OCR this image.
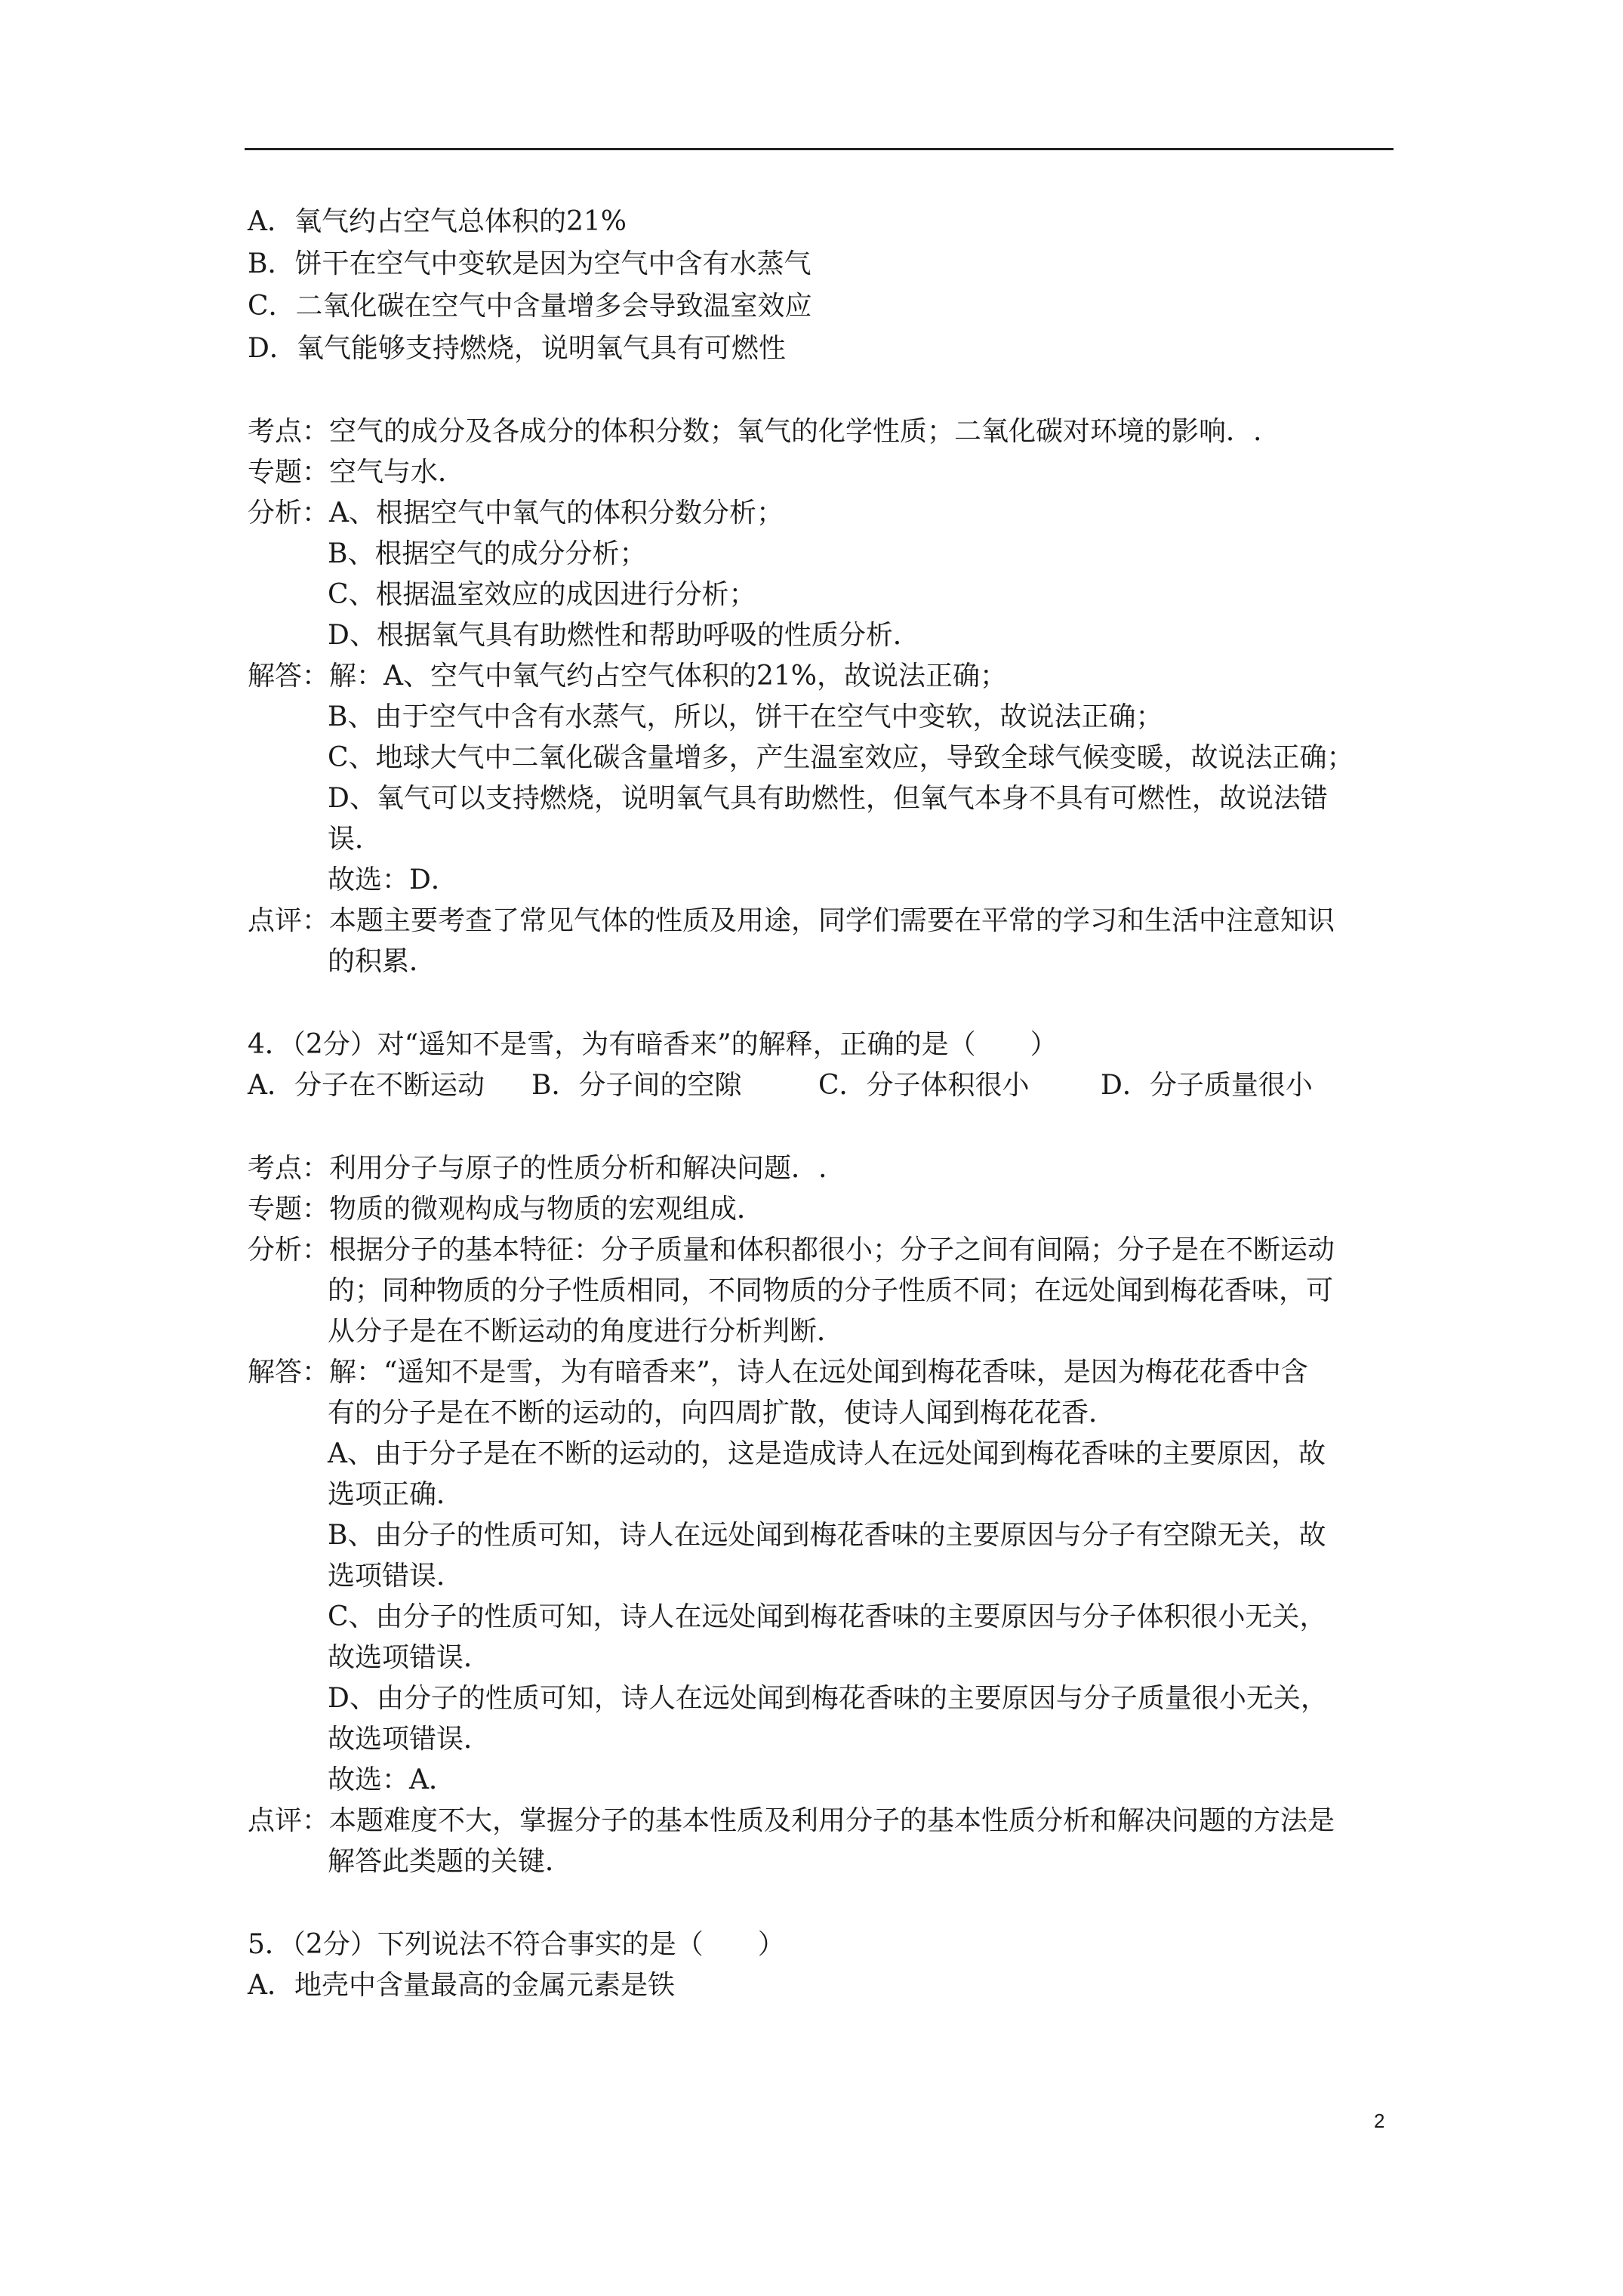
A．氧气约占空气总体积的21%
B．饼干在空气中变软是因为空气中含有水蒸气
C．二氧化碳在空气中含量增多会导致温室效应
D．氧气能够支持燃烧，说明氧气具有可燃性
考点：空气的成分及各成分的体积分数；氧气的化学性质；二氧化碳对环境的影响．.
专题：空气与水．
分析：A、根据空气中氧气的体积分数分析；
B、根据空气的成分分析；
C、根据温室效应的成因进行分析；
D、根据氧气具有助燃性和帮助呼吸的性质分析．
解答：解：A、空气中氧气约占空气体积的21%，故说法正确；
B、由于空气中含有水蒸气，所以，饼干在空气中变软，故说法正确；
C、地球大气中二氧化碳含量增多，产生温室效应，导致全球气候变暖，故说法正确；
D、氧气可以支持燃烧，说明氧气具有助燃性，但氧气本身不具有可燃性，故说法错
误．
故选：D．
点评：本题主要考查了常见气体的性质及用途，同学们需要在平常的学习和生活中注意知识
的积累．
4．（2分）对“遥知不是雪，为有暗香来”的解释，正确的是（　　）
A．分子在不断运动 B．分子间的空隙	C．分子体积很小	D．分子质量很小
考点：利用分子与原子的性质分析和解决问题．.
专题：物质的微观构成与物质的宏观组成．
分析：根据分子的基本特征：分子质量和体积都很小；分子之间有间隔；分子是在不断运动
的；同种物质的分子性质相同，不同物质的分子性质不同；在远处闻到梅花香味，可
从分子是在不断运动的角度进行分析判断．
解答：解：“遥知不是雪，为有暗香来”，诗人在远处闻到梅花香味，是因为梅花花香中含
有的分子是在不断的运动的，向四周扩散，使诗人闻到梅花花香．
A、由于分子是在不断的运动的，这是造成诗人在远处闻到梅花香味的主要原因，故
选项正确．
B、由分子的性质可知，诗人在远处闻到梅花香味的主要原因与分子有空隙无关，故
选项错误．
C、由分子的性质可知，诗人在远处闻到梅花香味的主要原因与分子体积很小无关，
故选项错误．
D、由分子的性质可知，诗人在远处闻到梅花香味的主要原因与分子质量很小无关，
故选项错误．
故选：A．
点评：本题难度不大，掌握分子的基本性质及利用分子的基本性质分析和解决问题的方法是
解答此类题的关键．
5．（2分）下列说法不符合事实的是（　　）
A．地壳中含量最高的金属元素是铁
2
